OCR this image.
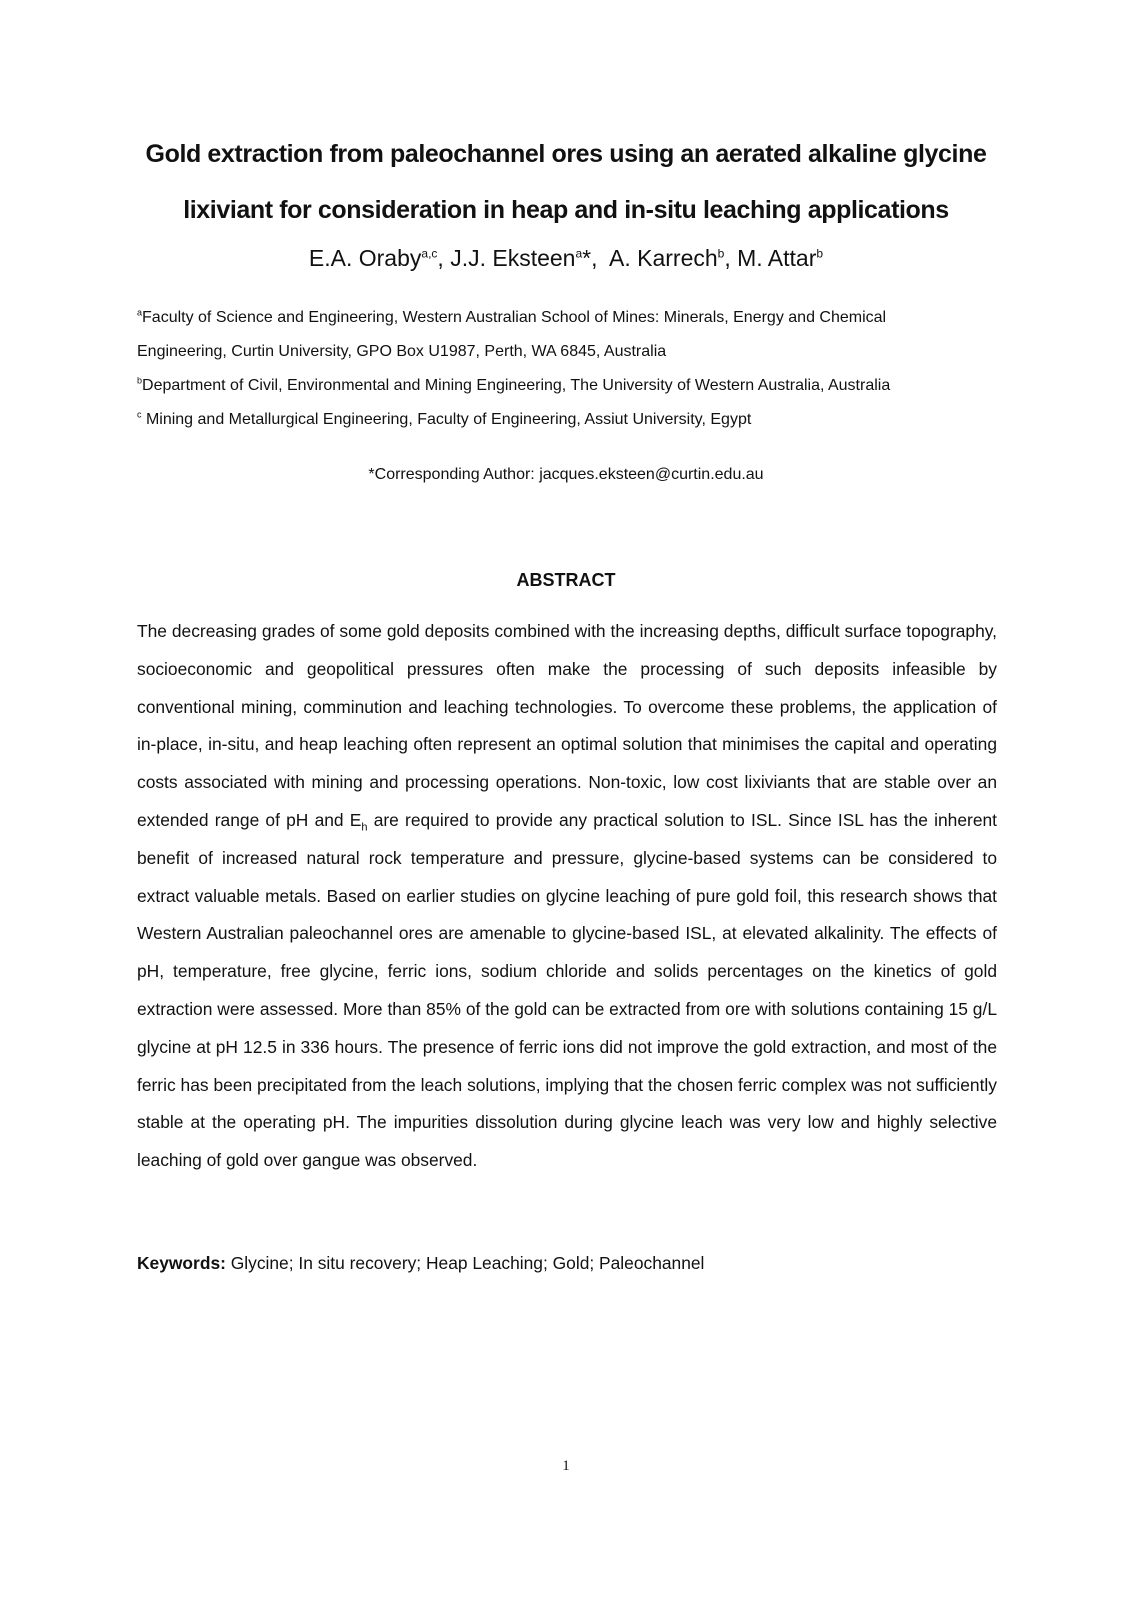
Gold extraction from paleochannel ores using an aerated alkaline glycine
lixiviant for consideration in heap and in-situ leaching applications
E.A. Oraby$^{a,c}$, J.J. Eksteen$^a$*,  A. Karrech$^b$, M. Attar$^b$
$^a$Faculty of Science and Engineering, Western Australian School of Mines: Minerals, Energy and Chemical
Engineering, Curtin University, GPO Box U1987, Perth, WA 6845, Australia
$^b$Department of Civil, Environmental and Mining Engineering, The University of Western Australia, Australia
$^c$ Mining and Metallurgical Engineering, Faculty of Engineering, Assiut University, Egypt
*Corresponding Author: jacques.eksteen@curtin.edu.au
ABSTRACT
The decreasing grades of some gold deposits combined with the increasing depths, difficult surface topography, socioeconomic and geopolitical pressures often make the processing of such deposits infeasible by conventional mining, comminution and leaching technologies. To overcome these problems, the application of in-place, in-situ, and heap leaching often represent an optimal solution that minimises the capital and operating costs associated with mining and processing operations. Non-toxic, low cost lixiviants that are stable over an extended range of pH and $E_h$ are required to provide any practical solution to ISL. Since ISL has the inherent benefit of increased natural rock temperature and pressure, glycine-based systems can be considered to extract valuable metals. Based on earlier studies on glycine leaching of pure gold foil, this research shows that Western Australian paleochannel ores are amenable to glycine-based ISL, at elevated alkalinity. The effects of pH, temperature, free glycine, ferric ions, sodium chloride and solids percentages on the kinetics of gold extraction were assessed. More than 85% of the gold can be extracted from ore with solutions containing 15 g/L glycine at pH 12.5 in 336 hours. The presence of ferric ions did not improve the gold extraction, and most of the ferric has been precipitated from the leach solutions, implying that the chosen ferric complex was not sufficiently stable at the operating pH. The impurities dissolution during glycine leach was very low and highly selective leaching of gold over gangue was observed.
Keywords: Glycine; In situ recovery; Heap Leaching; Gold; Paleochannel
1
